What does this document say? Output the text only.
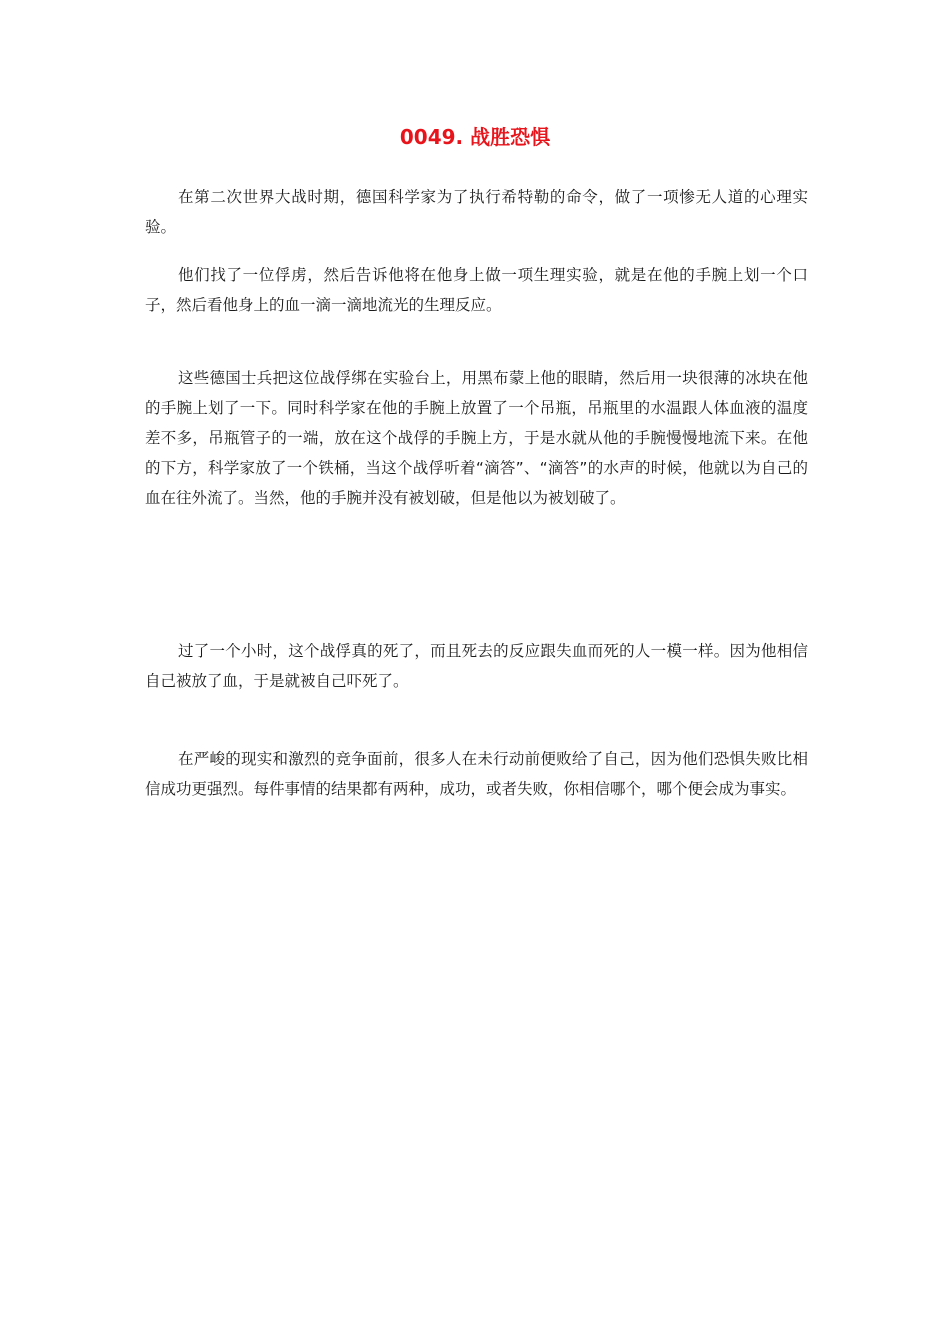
0049. 战胜恐惧

在第二次世界大战时期，德国科学家为了执行希特勒的命令，做了一项惨无人道的心理实验。

他们找了一位俘虏，然后告诉他将在他身上做一项生理实验，就是在他的手腕上划一个口子，然后看他身上的血一滴一滴地流光的生理反应。

这些德国士兵把这位战俘绑在实验台上，用黑布蒙上他的眼睛，然后用一块很薄的冰块在他的手腕上划了一下。同时科学家在他的手腕上放置了一个吊瓶，吊瓶里的水温跟人体血液的温度差不多，吊瓶管子的一端，放在这个战俘的手腕上方，于是水就从他的手腕慢慢地流下来。在他的下方，科学家放了一个铁桶，当这个战俘听着“滴答”、“滴答”的水声的时候，他就以为自己的血在往外流了。当然，他的手腕并没有被划破，但是他以为被划破了。

过了一个小时，这个战俘真的死了，而且死去的反应跟失血而死的人一模一样。因为他相信自己被放了血，于是就被自己吓死了。

在严峻的现实和激烈的竞争面前，很多人在未行动前便败给了自己，因为他们恐惧失败比相信成功更强烈。每件事情的结果都有两种，成功，或者失败，你相信哪个，哪个便会成为事实。
